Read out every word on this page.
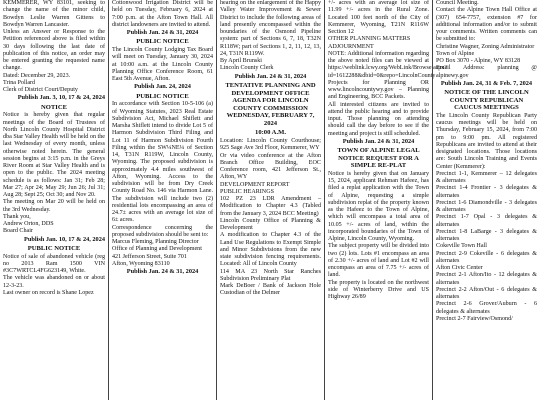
KEMMERER, WY 83101, seeking to change the name of the minor child, Bowdyn Leslie Warren Gittens to Bowdyn Warren Lancaster.

Unless an Answer or Response to the Petition referenced above is filed within 30 days following the last date of publication of this notice, an order may be entered granting the requested name change.

Dated: December 29, 2023.

Trina Pollard

Clerk of District Court/Deputy

Publish Jan. 3, 10, 17 & 24, 2024

NOTICE

Notice is hereby given that regular meetings of the Board of Trustees of North Lincoln County Hospital District dba Star Valley Health will be held on the last Wednesday of every month, unless otherwise noted herein. The general session begins at 3:15 p.m. in the Greys River Room at Star Valley Health and is open to the public. The 2024 meeting schedule is as follows: Jan 31; Feb 28; Mar 27; Apr 24; May 29; Jun 26; Jul 31; Aug 28; Sept 25; Oct 30; and Nov 20.

The meeting on Mar 20 will be held on the 3rd Wednesday.

Thank you,

Andrew Orton, DDS

Board Chair

Publish Jan. 10, 17 & 24, 2024

PUBLIC NOTICE

Notice of sale of abandoned vehicle (reg no 2013 Ram 1500 VIN #3C7WRTCL4FG623149, White.

The vehicle was abandoned on or about 12-3-23.

Last owner on record is Shane Lopez

Cottonwood Irrigation District will be held on Tuesday, February 6, 2024 at 7:00 p.m. at the Afton Town Hall. All district landowners are invited to attend.

Publish Jan. 24 & 31, 2024

PUBLIC NOTICE

The Lincoln County Lodging Tax Board will meet on Tuesday, January 30, 2024 at 10:00 a.m. at the Lincoln County Planning Office Conference Room, 61 East 5th Avenue, Afton.

Publish Jan. 24, 2024

PUBLIC NOTICE

In accordance with Section 10-5-106 (a) of Wyoming Statutes, 2023 Real Estate Subdivision Act, Michael Shiflett and Marsha Shiflett intend to divide Lot 5 of Harmon Subdivision Third Filing and Lot 11 of Harmon Subdivision Fourth Filing within the SW¼NE¼ of Section 14, T31N R119W, Lincoln County, Wyoming. The proposed subdivision is approximately 4.4 miles southwest of Afton, Wyoming. Access to the subdivision will be from Dry Creek County Road No. 146 via Harmon Lane. The subdivision will include two (2) residential lots encompassing an area of 24.7± acres with an average lot size of 6± acres.

Correspondence concerning the proposed subdivision should be sent to:

Marcus Fleming, Planning Director

Office of Planning and Development

421 Jefferson Street, Suite 701

Afton, Wyoming 83110

Publish Jan. 24 & 31, 2024

hearing on the enlargement of the Happy Valley Water Improvement & Sewer District to include the following areas of land presently encompassed within the boundaries of the Osmond Pipeline system: part of Sections 6, 7, 18, T32N R118W; part of Sections 1, 2, 11, 12, 13, 24, T31N R119W.

By April Brunski

Lincoln County Clerk

Publish Jan. 24 & 31, 2024

TENTATIVE PLANNING AND DEVELOPMENT OFFICE AGENDA FOR LINCOLN COUNTY COMMISSION WEDNESDAY, FEBRUARY 7, 2024
10:00 A.M.

Location: Lincoln County Courthouse; 925 Sage Ave 3rd Floor, Kemmerer, WY

Or via video conference at the Afton Branch Office Building, EOC Conference room, 421 Jefferson St., Afton, WY

DEVELOPMENT REPORT

PUBLIC HEARINGS

102 PZ 23 LDR Amendment – Modification to Chapter 4.3 (Tabled from the January 3, 2024 BCC Meeting)

Lincoln County Office of Planning & Development

A modification to Chapter 4.3 of the Land Use Regulations to Exempt Simple and Minor Subdivisions from the new state subdivision fencing requirements. Located: All of Lincoln County

114 MA 23 North Star Ranches Subdivision Preliminary Plat

Mark DeBoer / Bank of Jackson Hole Custodian of the Delmer

+/- acres with an average lot size of 11.99 +/- acres in the Rural Zone. Located 100 feet north of the City of Kemmerer, Wyoming, T21N R116W Section 12

OTHER PLANNING MATTERS

ADJOURNMENT

NOTE: Additional information regarding the above noted files can be viewed at https://weblink.lcwy.org/WebLink/Browse.aspx?id=1612288&dbid=0&repo=LincolnCounty

Projects for Planning OR www.lincolncountywy.gov – Planning and Engineering, BCC Packets.

All interested citizens are invited to attend the public hearing and to provide input. Those planning on attending should call the day before to see if the meeting and project is still scheduled.

Publish Jan. 24 & 31, 2024

TOWN OF ALPINE LEGAL NOTICE REQUEST FOR A SIMPLE RE-PLAT

Notice is hereby given that on January 15, 2024, applicant Rehman Hafeez, has filed a replat application with the Town of Alpine, requesting a simple subdivision replat of the property known as the Hafeez to the Town of Alpine, which will encompass a total area of 10.05 +/- acres of land, within the incorporated boundaries of the Town of Alpine, Lincoln County, Wyoming.

The subject property will be divided into two (2) lots. Lots #1 encompass an area of 2.30 +/- acres of land and Lot #2 will encompass an area of 7.75 +/- acres of land.

The property is located on the northwest side of Winterberry Drive and US Highway 26/89

Council Meeting.

Contact the Alpine Town Hall Office at (307) 654-7757, extension #7 for additional information and/or to submit your comments. Written comments can be submitted to:

Christine Wagner, Zoning Administrator

Town of Alpine

PO Box 3070 - Alpine, WY 83128

Email Address: planning @ alpinewy.gov

Publish Jan. 24, 31 & Feb. 7, 2024

NOTICE OF THE LINCOLN COUNTY REPUBLICAN CAUCUS MEETINGS

The Lincoln County Republican Party caucus meetings will be held on Thursday, February 15, 2024, from 7:00 pm to 9:00 pm. All registered Republicans are invited to attend at their designated locations. Those locations are: South Lincoln Training and Events Center (Kemmerer):

Precinct 1-1, Kemmerer – 12 delegates & alternates

Precinct 1-4 Frontier - 3 delegates & alternates

Precinct 1-6 Diamondville - 3 delegates & alternates

Precinct 1-7 Opal - 3 delegates & alternates

Precinct 1-8 LaBarge - 3 delegates & alternates

Cokeville Town Hall

Precinct 2-9 Cokeville - 6 delegates & alternates

Afton Civic Center

Precinct 2-1 Afton/Ito - 12 delegates & alternates

Precinct 2-2 Afton/Out - 6 delegates & alternates

Precinct 2-6 Grover/Auburn - 6 delegates & alternates

Precinct 2-7 Fairview/Osmond/
